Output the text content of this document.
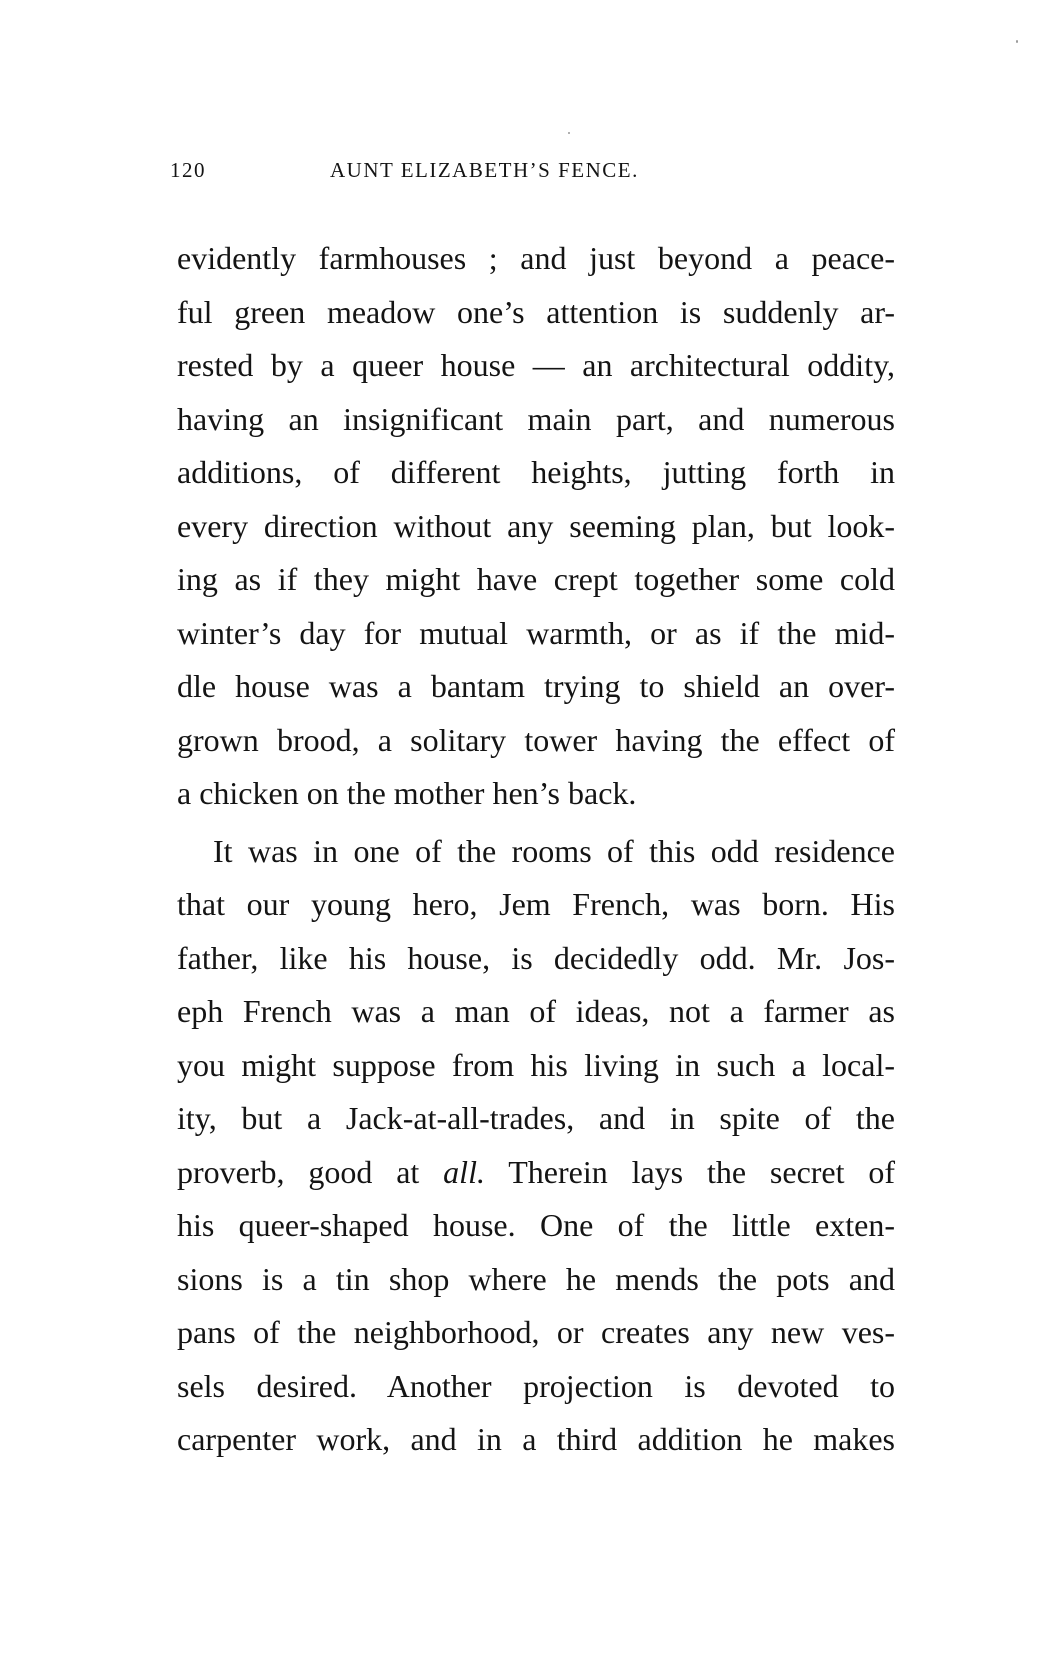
120	AUNT ELIZABETH’S FENCE.
evidently farmhouses ; and just beyond a peace-
ful green meadow one’s attention is suddenly ar-
rested by a queer house — an architectural oddity,
having an insignificant main part, and numerous
additions, of different heights, jutting forth in
every direction without any seeming plan, but look-
ing as if they might have crept together some cold
winter’s day for mutual warmth, or as if the mid-
dle house was a bantam trying to shield an over-
grown brood, a solitary tower having the effect of
a chicken on the mother hen’s back.
It was in one of the rooms of this odd residence
that our young hero, Jem French, was born. His
father, like his house, is decidedly odd. Mr. Jos-
eph French was a man of ideas, not a farmer as
you might suppose from his living in such a local-
ity, but a Jack-at-all-trades, and in spite of the
proverb, good at all. Therein lays the secret of
his queer-shaped house. One of the little exten-
sions is a tin shop where he mends the pots and
pans of the neighborhood, or creates any new ves-
sels desired. Another projection is devoted to
carpenter work, and in a third addition he makes
